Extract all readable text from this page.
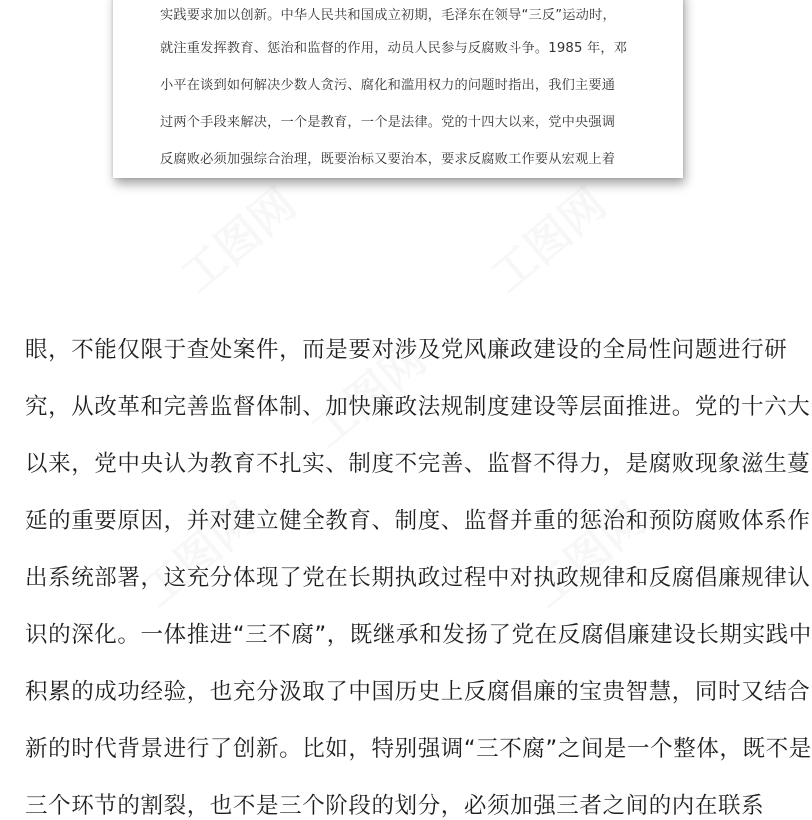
工图网	工图网
工图网
工图网	工图网
实践要求加以创新。中华人民共和国成立初期，毛泽东在领导“三反”运动时，
就注重发挥教育、惩治和监督的作用，动员人民参与反腐败斗争。1985 年，邓
小平在谈到如何解决少数人贪污、腐化和滥用权力的问题时指出，我们主要通
过两个手段来解决，一个是教育，一个是法律。党的十四大以来，党中央强调
反腐败必须加强综合治理，既要治标又要治本，要求反腐败工作要从宏观上着
眼，不能仅限于查处案件，而是要对涉及党风廉政建设的全局性问题进行研
究，从改革和完善监督体制、加快廉政法规制度建设等层面推进。党的十六大
以来，党中央认为教育不扎实、制度不完善、监督不得力，是腐败现象滋生蔓
延的重要原因，并对建立健全教育、制度、监督并重的惩治和预防腐败体系作
出系统部署，这充分体现了党在长期执政过程中对执政规律和反腐倡廉规律认
识的深化。一体推进“三不腐”，既继承和发扬了党在反腐倡廉建设长期实践中
积累的成功经验，也充分汲取了中国历史上反腐倡廉的宝贵智慧，同时又结合
新的时代背景进行了创新。比如，特别强调“三不腐”之间是一个整体，既不是
三个环节的割裂，也不是三个阶段的划分，必须加强三者之间的内在联系
